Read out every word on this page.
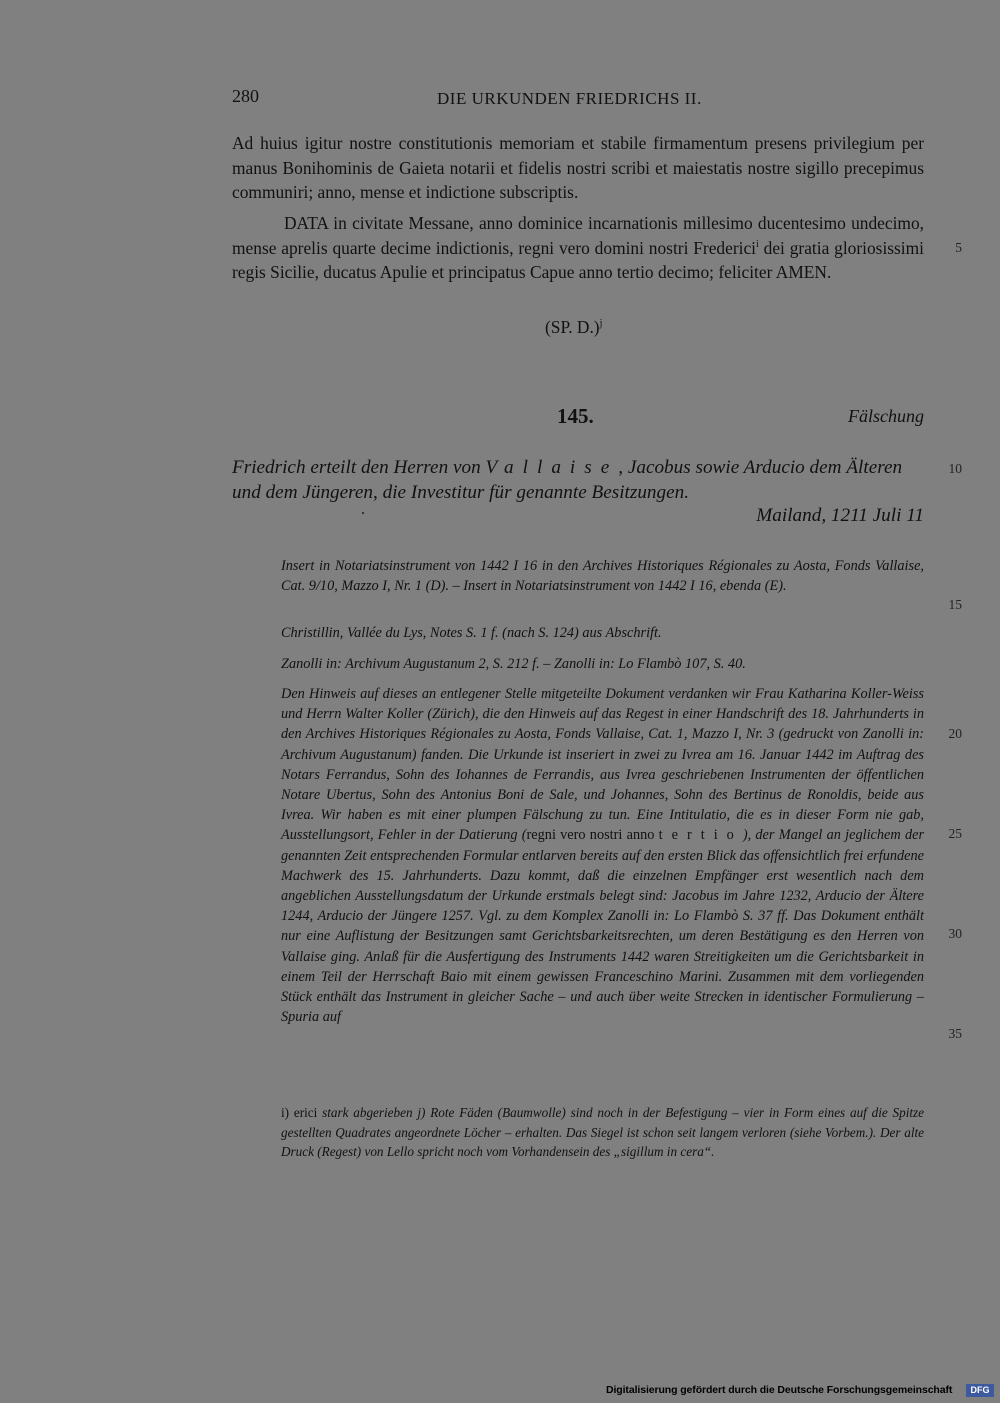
280	DIE URKUNDEN FRIEDRICHS II.
Ad huius igitur nostre constitutionis memoriam et stabile firmamentum presens privilegium per manus Bonihominis de Gaieta notarii et fidelis nostri scribi et maiestatis nostre sigillo precepimus communiri; anno, mense et indictione subscriptis.
DATA in civitate Messane, anno dominice incarnationis millesimo ducentesimo undecimo, mense aprelis quarte decime indictionis, regni vero domini nostri Frederici$^i$ dei gratia gloriosissimi regis Sicilie, ducatus Apulie et principatus Capue anno tertio decimo; feliciter AMEN.
(SP. D.)$^j$
145.	Fälschung
Friedrich erteilt den Herren von Vallaise, Jacobus sowie Arducio dem Älteren und dem Jüngeren, die Investitur für genannte Besitzungen.
Mailand, 1211 Juli 11
Insert in Notariatsinstrument von 1442 I 16 in den Archives Historiques Régionales zu Aosta, Fonds Vallaise, Cat. 9/10, Mazzo I, Nr. 1 (D). – Insert in Notariatsinstrument von 1442 I 16, ebenda (E).
Christillin, Vallée du Lys, Notes S. 1 f. (nach S. 124) aus Abschrift.
Zanolli in: Archivum Augustanum 2, S. 212 f. – Zanolli in: Lo Flambò 107, S. 40.
Den Hinweis auf dieses an entlegener Stelle mitgeteilte Dokument verdanken wir Frau Katharina Koller-Weiss und Herrn Walter Koller (Zürich), die den Hinweis auf das Regest in einer Handschrift des 18. Jahrhunderts in den Archives Historiques Régionales zu Aosta, Fonds Vallaise, Cat. 1, Mazzo I, Nr. 3 (gedruckt von Zanolli in: Archivum Augustanum) fanden. Die Urkunde ist inseriert in zwei zu Ivrea am 16. Januar 1442 im Auftrag des Notars Ferrandus, Sohn des Iohannes de Ferrandis, aus Ivrea geschriebenen Instrumenten der öffentlichen Notare Ubertus, Sohn des Antonius Boni de Sale, und Johannes, Sohn des Bertinus de Ronoldis, beide aus Ivrea. Wir haben es mit einer plumpen Fälschung zu tun. Eine Intitulatio, die es in dieser Form nie gab, Ausstellungsort, Fehler in der Datierung (regni vero nostri anno tertio), der Mangel an jeglichem der genannten Zeit entsprechenden Formular entlarven bereits auf den ersten Blick das offensichtlich frei erfundene Machwerk des 15. Jahrhunderts. Dazu kommt, daß die einzelnen Empfänger erst wesentlich nach dem angeblichen Ausstellungsdatum der Urkunde erstmals belegt sind: Jacobus im Jahre 1232, Arducio der Ältere 1244, Arducio der Jüngere 1257. Vgl. zu dem Komplex Zanolli in: Lo Flambò S. 37 ff. Das Dokument enthält nur eine Auflistung der Besitzungen samt Gerichtsbarkeitsrechten, um deren Bestätigung es den Herren von Vallaise ging. Anlaß für die Ausfertigung des Instruments 1442 waren Streitigkeiten um die Gerichtsbarkeit in einem Teil der Herrschaft Baio mit einem gewissen Franceschino Marini. Zusammen mit dem vorliegenden Stück enthält das Instrument in gleicher Sache – und auch über weite Strecken in identischer Formulierung – Spuria auf
i) erici stark abgerieben j) Rote Fäden (Baumwolle) sind noch in der Befestigung – vier in Form eines auf die Spitze gestellten Quadrates angeordnete Löcher – erhalten. Das Siegel ist schon seit langem verloren (siehe Vorbem.). Der alte Druck (Regest) von Lello spricht noch vom Vorhandensein des „sigillum in cera“.
5
10
15
20
25
30
35
Digitalisierung gefördert durch die Deutsche Forschungsgemeinschaft	DFG
